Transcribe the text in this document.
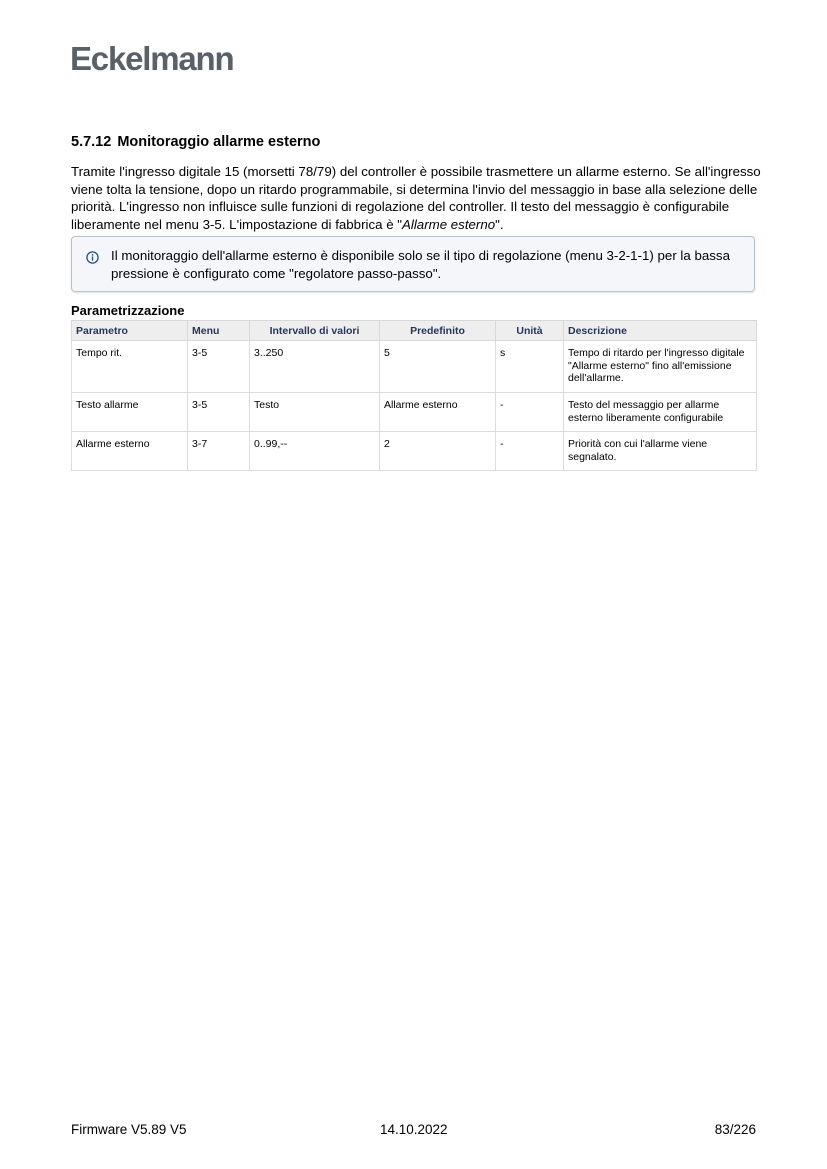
Eckelmann
5.7.12 Monitoraggio allarme esterno
Tramite l'ingresso digitale 15 (morsetti 78/79) del controller è possibile trasmettere un allarme esterno. Se all'ingresso viene tolta la tensione, dopo un ritardo programmabile, si determina l'invio del messaggio in base alla selezione delle priorità. L'ingresso non influisce sulle funzioni di regolazione del controller. Il testo del messaggio è configurabile liberamente nel menu 3-5. L'impostazione di fabbrica è "Allarme esterno".
Il monitoraggio dell'allarme esterno è disponibile solo se il tipo di regolazione (menu 3-2-1-1) per la bassa pressione è configurato come "regolatore passo-passo".
Parametrizzazione
Parametro	Menu	Intervallo di valori	Predefinito	Unità	Descrizione
Tempo rit.	3-5	3..250	5	s	Tempo di ritardo per l'ingresso digitale "Allarme esterno" fino all'emissione dell'allarme.
Testo allarme	3-5	Testo	Allarme esterno	-	Testo del messaggio per allarme esterno liberamente configurabile
Allarme esterno	3-7	0..99,--	2	-	Priorità con cui l'allarme viene segnalato.
Firmware V5.89 V5	14.10.2022	83/226
